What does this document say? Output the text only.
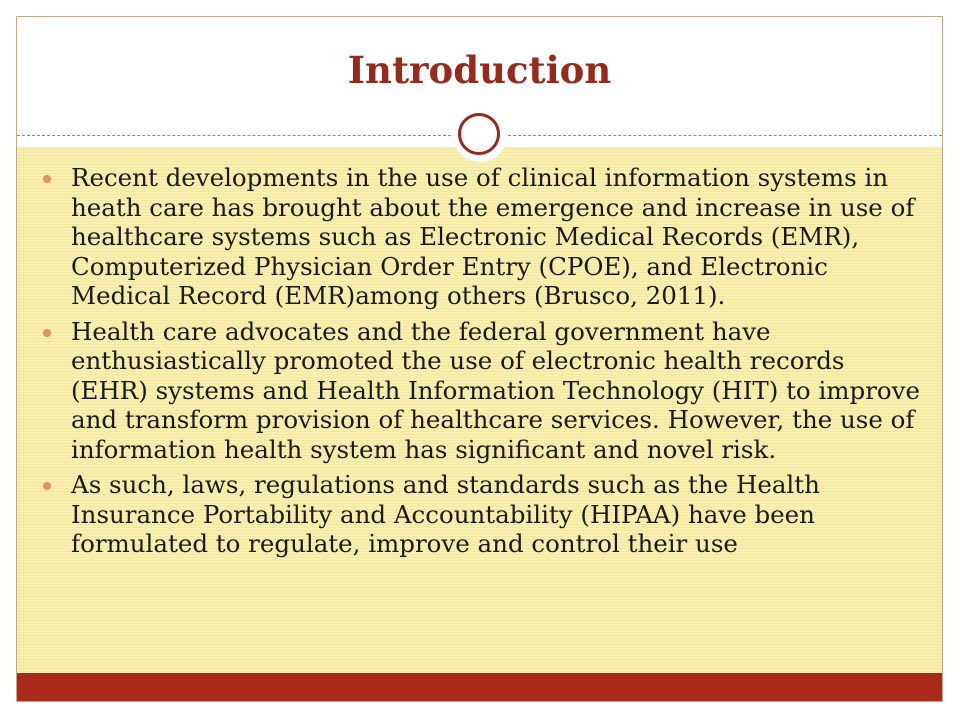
Introduction
Recent developments in the use of clinical information systems in heath care has brought about the emergence and increase in use of healthcare systems such as Electronic Medical Records (EMR), Computerized Physician Order Entry (CPOE), and Electronic Medical Record (EMR)among others (Brusco, 2011).
Health care advocates and the federal government have enthusiastically promoted the use of electronic health records (EHR) systems and Health Information Technology (HIT) to improve and transform provision of healthcare services. However, the use of information health system has significant and novel risk.
As such, laws, regulations and standards such as the Health Insurance Portability and Accountability (HIPAA) have been formulated to regulate, improve and control their use
